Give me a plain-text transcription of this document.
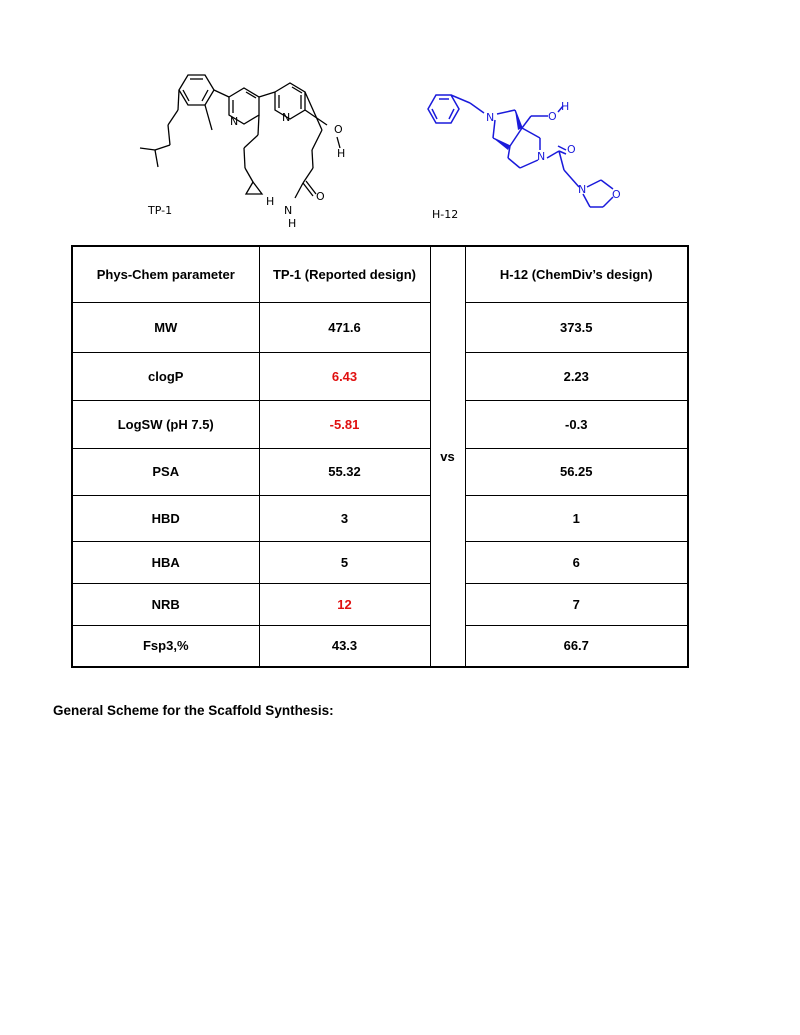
N	N
O
H
O
H
N
H
N	O
H
N
O
N O
TP-1	H-12
Phys-Chem parameter	TP-1 (Reported design)	vs	H-12 (ChemDiv’s design)
MW	471.6		373.5
clogP	6.43		2.23
LogSW (pH 7.5)	-5.81		-0.3
PSA	55.32		56.25
HBD	3		1
HBA	5		6
NRB	12		7
Fsp3,%	43.3		66.7
General Scheme for the Scaffold Synthesis:
